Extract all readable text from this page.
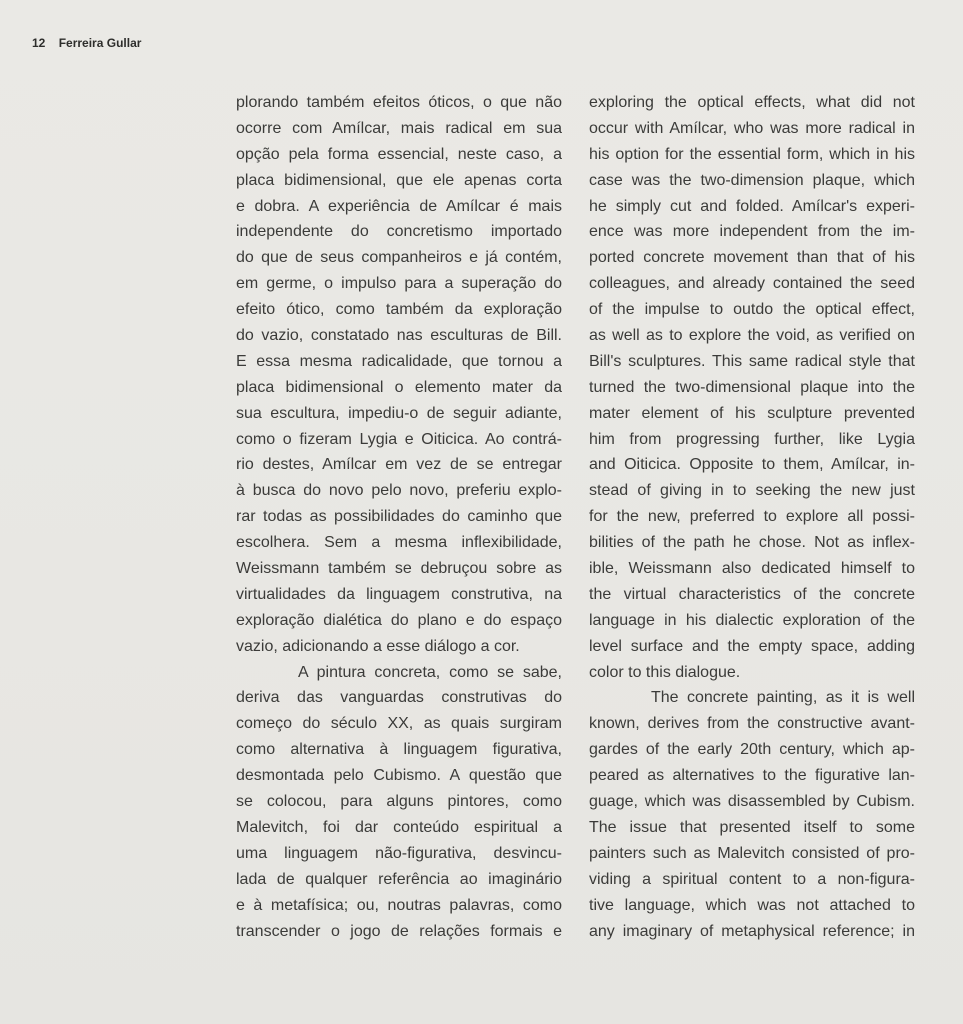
12 Ferreira Gullar
plorando também efeitos óticos, o que não
ocorre com Amílcar, mais radical em sua
opção pela forma essencial, neste caso, a
placa bidimensional, que ele apenas corta
e dobra. A experiência de Amílcar é mais
independente do concretismo importado
do que de seus companheiros e já contém,
em germe, o impulso para a superação do
efeito ótico, como também da exploração
do vazio, constatado nas esculturas de Bill.
E essa mesma radicalidade, que tornou a
placa bidimensional o elemento mater da
sua escultura, impediu-o de seguir adiante,
como o fizeram Lygia e Oiticica. Ao contrá-
rio destes, Amílcar em vez de se entregar
à busca do novo pelo novo, preferiu explo-
rar todas as possibilidades do caminho que
escolhera. Sem a mesma inflexibilidade,
Weissmann também se debruçou sobre as
virtualidades da linguagem construtiva, na
exploração dialética do plano e do espaço
vazio, adicionando a esse diálogo a cor.
A pintura concreta, como se sabe,
deriva das vanguardas construtivas do
começo do século XX, as quais surgiram
como alternativa à linguagem figurativa,
desmontada pelo Cubismo. A questão que
se colocou, para alguns pintores, como
Malevitch, foi dar conteúdo espiritual a
uma linguagem não-figurativa, desvincu-
lada de qualquer referência ao imaginário
e à metafísica; ou, noutras palavras, como
transcender o jogo de relações formais e
exploring the optical effects, what did not
occur with Amílcar, who was more radical in
his option for the essential form, which in his
case was the two-dimension plaque, which
he simply cut and folded. Amílcar's experi-
ence was more independent from the im-
ported concrete movement than that of his
colleagues, and already contained the seed
of the impulse to outdo the optical effect,
as well as to explore the void, as verified on
Bill's sculptures. This same radical style that
turned the two-dimensional plaque into the
mater element of his sculpture prevented
him from progressing further, like Lygia
and Oiticica. Opposite to them, Amílcar, in-
stead of giving in to seeking the new just
for the new, preferred to explore all possi-
bilities of the path he chose. Not as inflex-
ible, Weissmann also dedicated himself to
the virtual characteristics of the concrete
language in his dialectic exploration of the
level surface and the empty space, adding
color to this dialogue.
The concrete painting, as it is well
known, derives from the constructive avant-
gardes of the early 20th century, which ap-
peared as alternatives to the figurative lan-
guage, which was disassembled by Cubism.
The issue that presented itself to some
painters such as Malevitch consisted of pro-
viding a spiritual content to a non-figura-
tive language, which was not attached to
any imaginary of metaphysical reference; in
